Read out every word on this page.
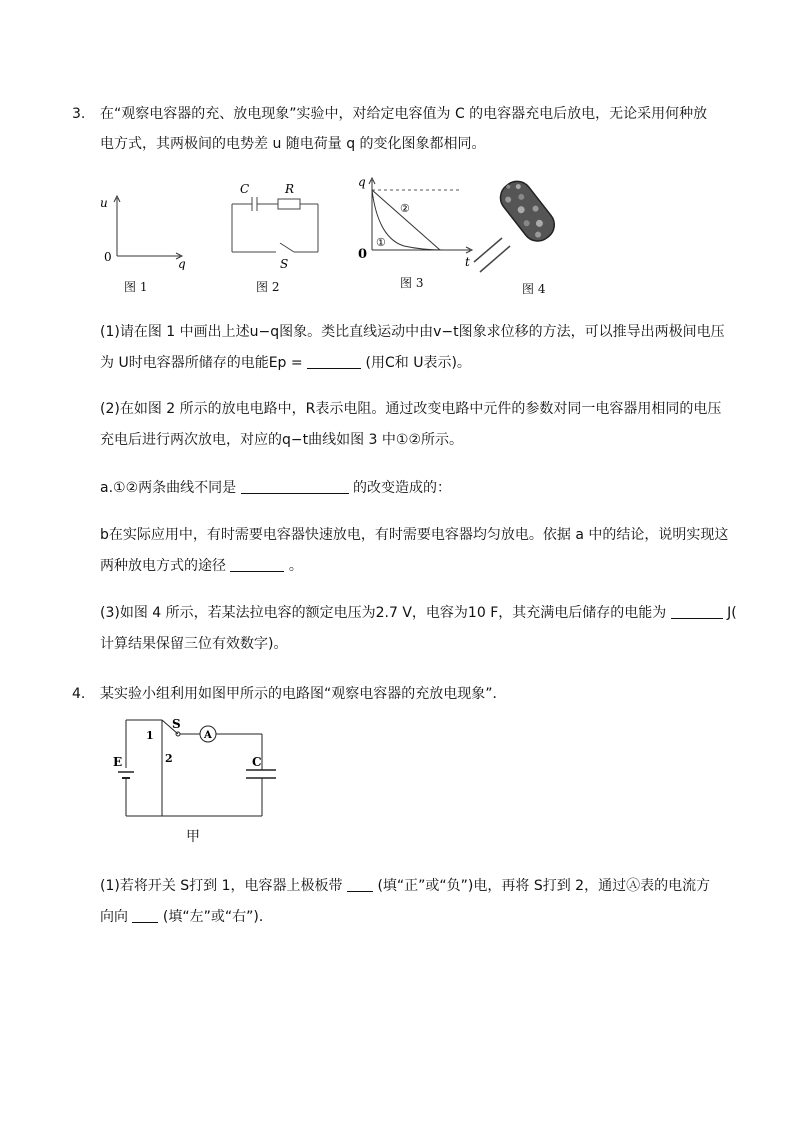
3. 在“观察电容器的充、放电现象”实验中，对给定电容值为 C 的电容器充电后放电，无论采用何种放
电方式，其两极间的电势差 u 随电荷量 q 的变化图象都相同。
u
0	q
图 1
C	R
S
图 2
q
0	t
①
②
图 3	图 4
(1)请在图 1 中画出上述u−q图象。类比直线运动中由v−t图象求位移的方法，可以推导出两极间电压
为 U时电容器所储存的电能Ep =	(用C和 U表示)。
(2)在如图 2 所示的放电电路中，R表示电阻。通过改变电路中元件的参数对同一电容器用相同的电压
充电后进行两次放电，对应的q−t曲线如图 3 中①②所示。
a.①②两条曲线不同是	的改变造成的：
b在实际应用中，有时需要电容器快速放电，有时需要电容器均匀放电。依据 a 中的结论，说明实现这
两种放电方式的途径	。
(3)如图 4 所示，若某法拉电容的额定电压为2.7 V，电容为10 F，其充满电后储存的电能为	J(
计算结果保留三位有效数字)。
4. 某实验小组利用如图甲所示的电路图“观察电容器的充放电现象”．
S
1
2
E	C
A
甲
(1)若将开关 S打到 1，电容器上极板带 (填“正”或“负”)电，再将 S打到 2，通过Ⓐ表的电流方
向向 (填“左”或“右”)．
